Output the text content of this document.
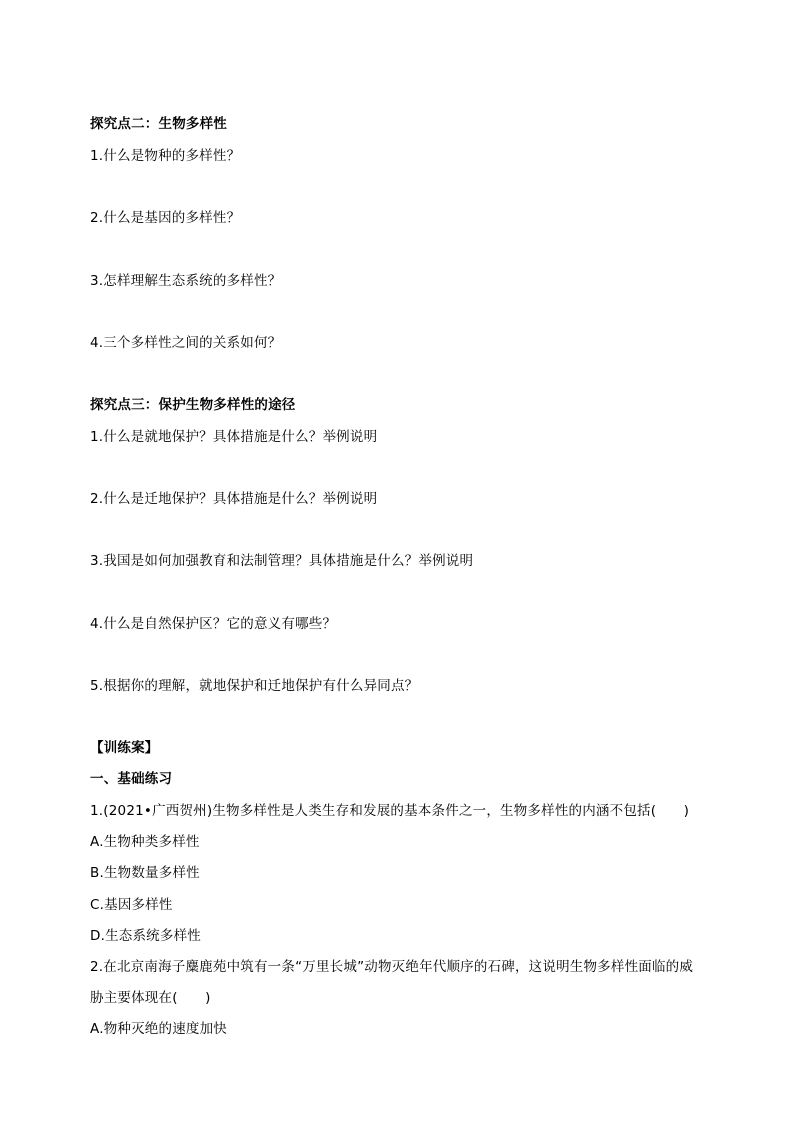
探究点二：生物多样性
1.什么是物种的多样性？
2.什么是基因的多样性？
3.怎样理解生态系统的多样性？
4.三个多样性之间的关系如何？
探究点三：保护生物多样性的途径
1.什么是就地保护？具体措施是什么？举例说明
2.什么是迁地保护？具体措施是什么？举例说明
3.我国是如何加强教育和法制管理？具体措施是什么？举例说明
4.什么是自然保护区？它的意义有哪些？
5.根据你的理解，就地保护和迁地保护有什么异同点？
【训练案】
一、基础练习
1.(2021•广西贺州)生物多样性是人类生存和发展的基本条件之一，生物多样性的内涵不包括(　　)
A.生物种类多样性
B.生物数量多样性
C.基因多样性
D.生态系统多样性
2.在北京南海子麋鹿苑中筑有一条“万里长城”动物灭绝年代顺序的石碑，这说明生物多样性面临的威
胁主要体现在(　　)
A.物种灭绝的速度加快
